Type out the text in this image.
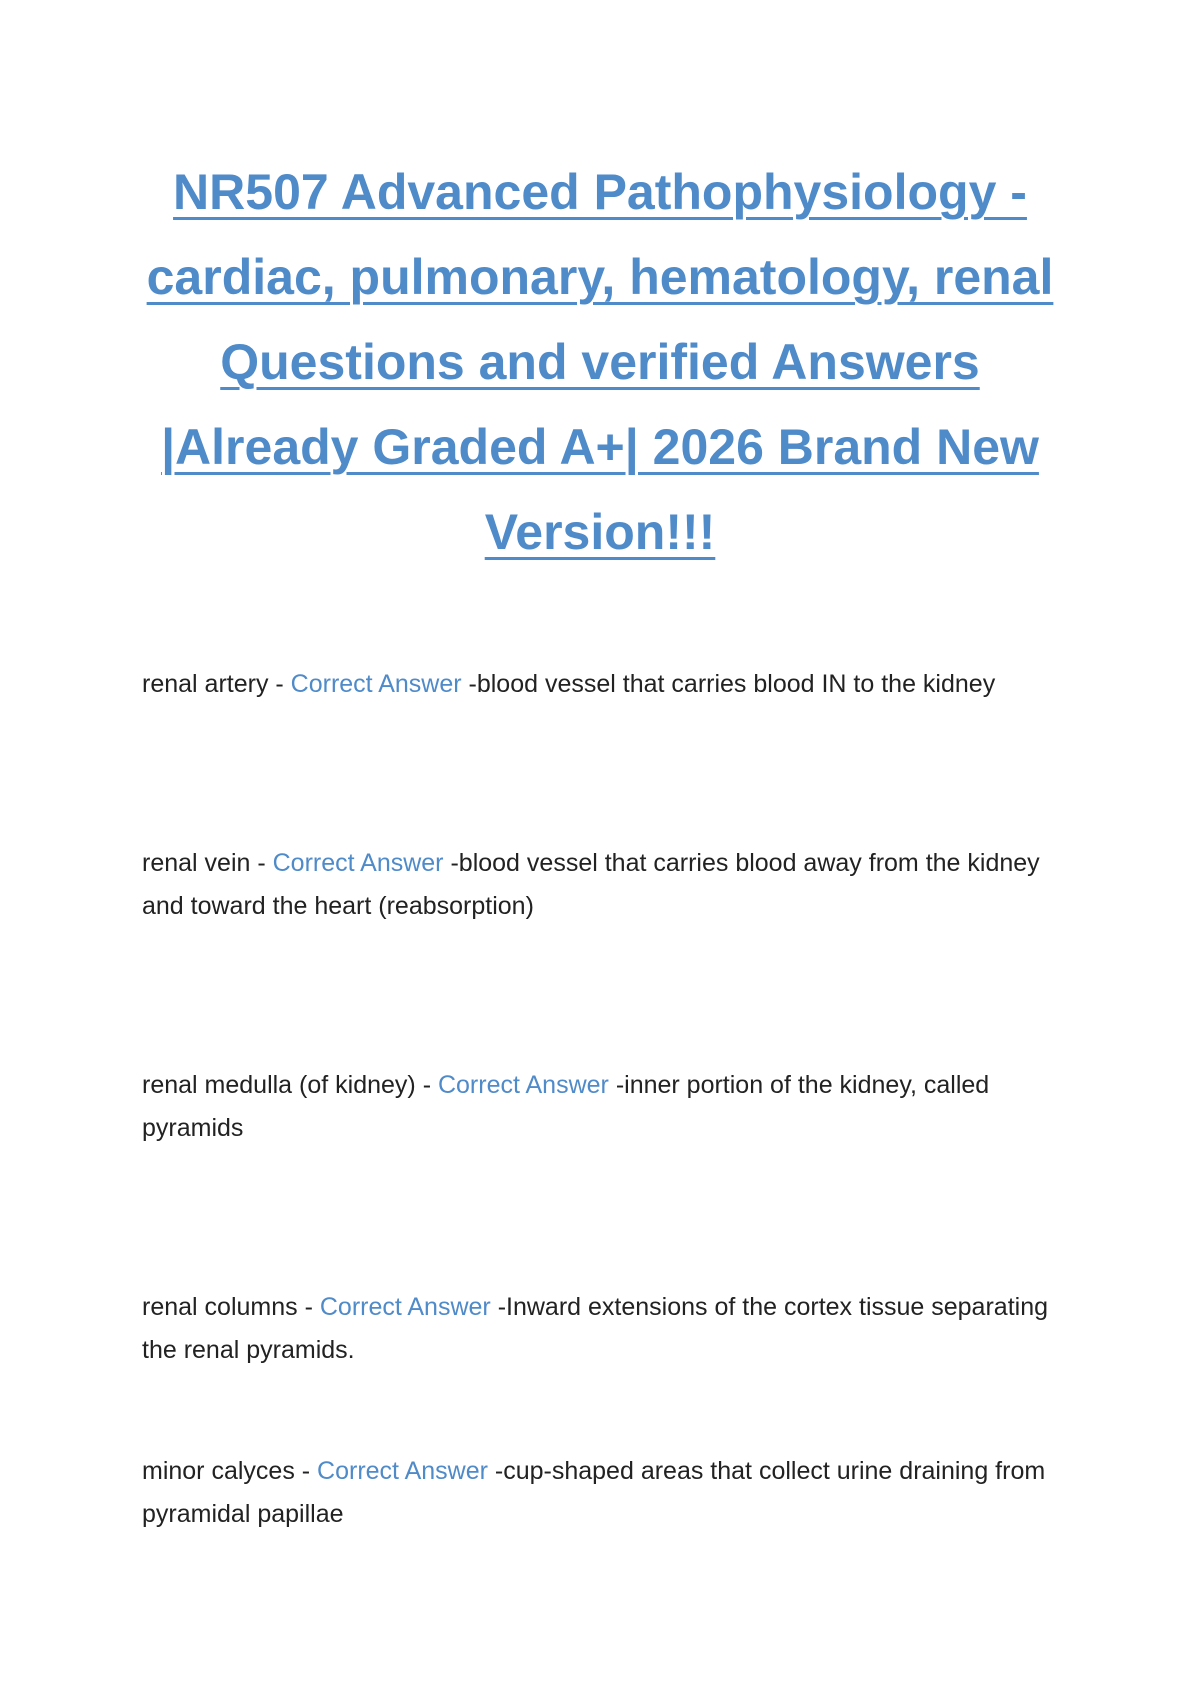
NR507 Advanced Pathophysiology -
cardiac, pulmonary, hematology, renal
Questions and verified Answers
|Already Graded A+| 2026 Brand New
Version!!!
renal artery - Correct Answer -blood vessel that carries blood IN to the kidney
renal vein - Correct Answer -blood vessel that carries blood away from the kidney
and toward the heart (reabsorption)
renal medulla (of kidney) - Correct Answer -inner portion of the kidney, called
pyramids
renal columns - Correct Answer -Inward extensions of the cortex tissue separating
the renal pyramids.
minor calyces - Correct Answer -cup-shaped areas that collect urine draining from
pyramidal papillae
